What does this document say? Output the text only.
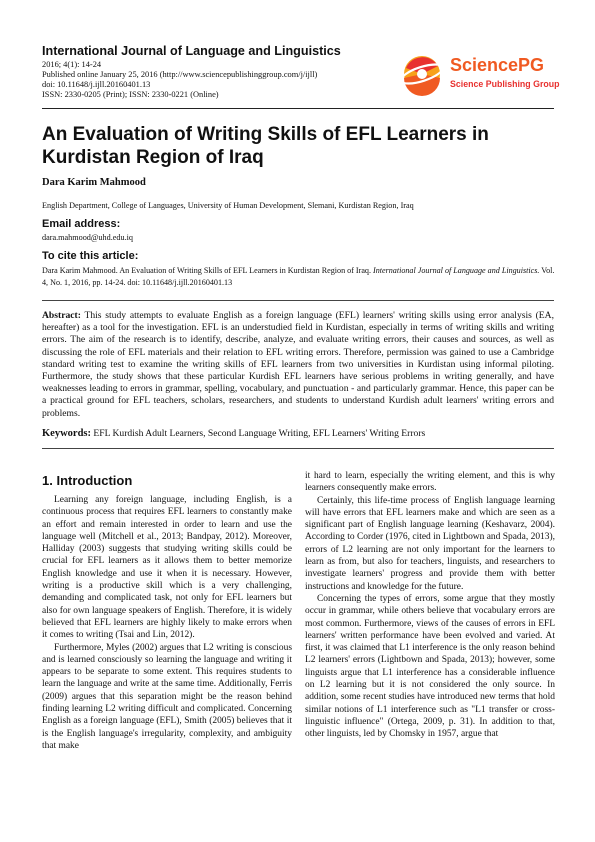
International Journal of Language and Linguistics
2016; 4(1): 14-24
Published online January 25, 2016 (http://www.sciencepublishinggroup.com/j/ijll)
doi: 10.11648/j.ijll.20160401.13
ISSN: 2330-0205 (Print); ISSN: 2330-0221 (Online)
SciencePG
Science Publishing Group
An Evaluation of Writing Skills of EFL Learners in
Kurdistan Region of Iraq
Dara Karim Mahmood
English Department, College of Languages, University of Human Development, Slemani, Kurdistan Region, Iraq
Email address:
dara.mahmood@uhd.edu.iq
To cite this article:
Dara Karim Mahmood. An Evaluation of Writing Skills of EFL Learners in Kurdistan Region of Iraq. International Journal of Language and Linguistics. Vol. 4, No. 1, 2016, pp. 14-24. doi: 10.11648/j.ijll.20160401.13
Abstract: This study attempts to evaluate English as a foreign language (EFL) learners' writing skills using error analysis (EA, hereafter) as a tool for the investigation. EFL is an understudied field in Kurdistan, especially in terms of writing skills and writing errors. The aim of the research is to identify, describe, analyze, and evaluate writing errors, their causes and sources, as well as discussing the role of EFL materials and their relation to EFL writing errors. Therefore, permission was gained to use a Cambridge standard writing test to examine the writing skills of EFL learners from two universities in Kurdistan using informal piloting. Furthermore, the study shows that these particular Kurdish EFL learners have serious problems in writing generally, and have weaknesses leading to errors in grammar, spelling, vocabulary, and punctuation - and particularly grammar. Hence, this paper can be a practical ground for EFL teachers, scholars, researchers, and students to understand Kurdish adult learners' writing errors and problems.
Keywords: EFL Kurdish Adult Learners, Second Language Writing, EFL Learners' Writing Errors
1. Introduction

Learning any foreign language, including English, is a continuous process that requires EFL learners to constantly make an effort and remain interested in order to learn and use the language well (Mitchell et al., 2013; Bandpay, 2012). Moreover, Halliday (2003) suggests that studying writing skills could be crucial for EFL learners as it allows them to better memorize English knowledge and use it when it is necessary. However, writing is a productive skill which is a very challenging, demanding and complicated task, not only for EFL learners but also for own language speakers of English. Therefore, it is widely believed that EFL learners are highly likely to make errors when it comes to writing (Tsai and Lin, 2012).

Furthermore, Myles (2002) argues that L2 writing is conscious and is learned consciously so learning the language and writing it appears to be separate to some extent. This requires students to learn the language and write at the same time. Additionally, Ferris (2009) argues that this separation might be the reason behind finding learning L2 writing difficult and complicated. Concerning English as a foreign language (EFL), Smith (2005) believes that it is the English language's irregularity, complexity, and ambiguity that make

it hard to learn, especially the writing element, and this is why learners consequently make errors.

Certainly, this life-time process of English language learning will have errors that EFL learners make and which are seen as a significant part of English language learning (Keshavarz, 2004). According to Corder (1976, cited in Lightbown and Spada, 2013), errors of L2 learning are not only important for the learners to learn as from, but also for teachers, linguists, and researchers to investigate learners' progress and provide them with better instructions and knowledge for the future.

Concerning the types of errors, some argue that they mostly occur in grammar, while others believe that vocabulary errors are most common. Furthermore, views of the causes of errors in EFL learners' written performance have been evolved and varied. At first, it was claimed that L1 interference is the only reason behind L2 learners' errors (Lightbown and Spada, 2013); however, some linguists argue that L1 interference has a considerable influence on L2 learning but it is not considered the only source. In addition, some recent studies have introduced new terms that hold similar notions of L1 interference such as "L1 transfer or cross-linguistic influence" (Ortega, 2009, p. 31). In addition to that, other linguists, led by Chomsky in 1957, argue that
